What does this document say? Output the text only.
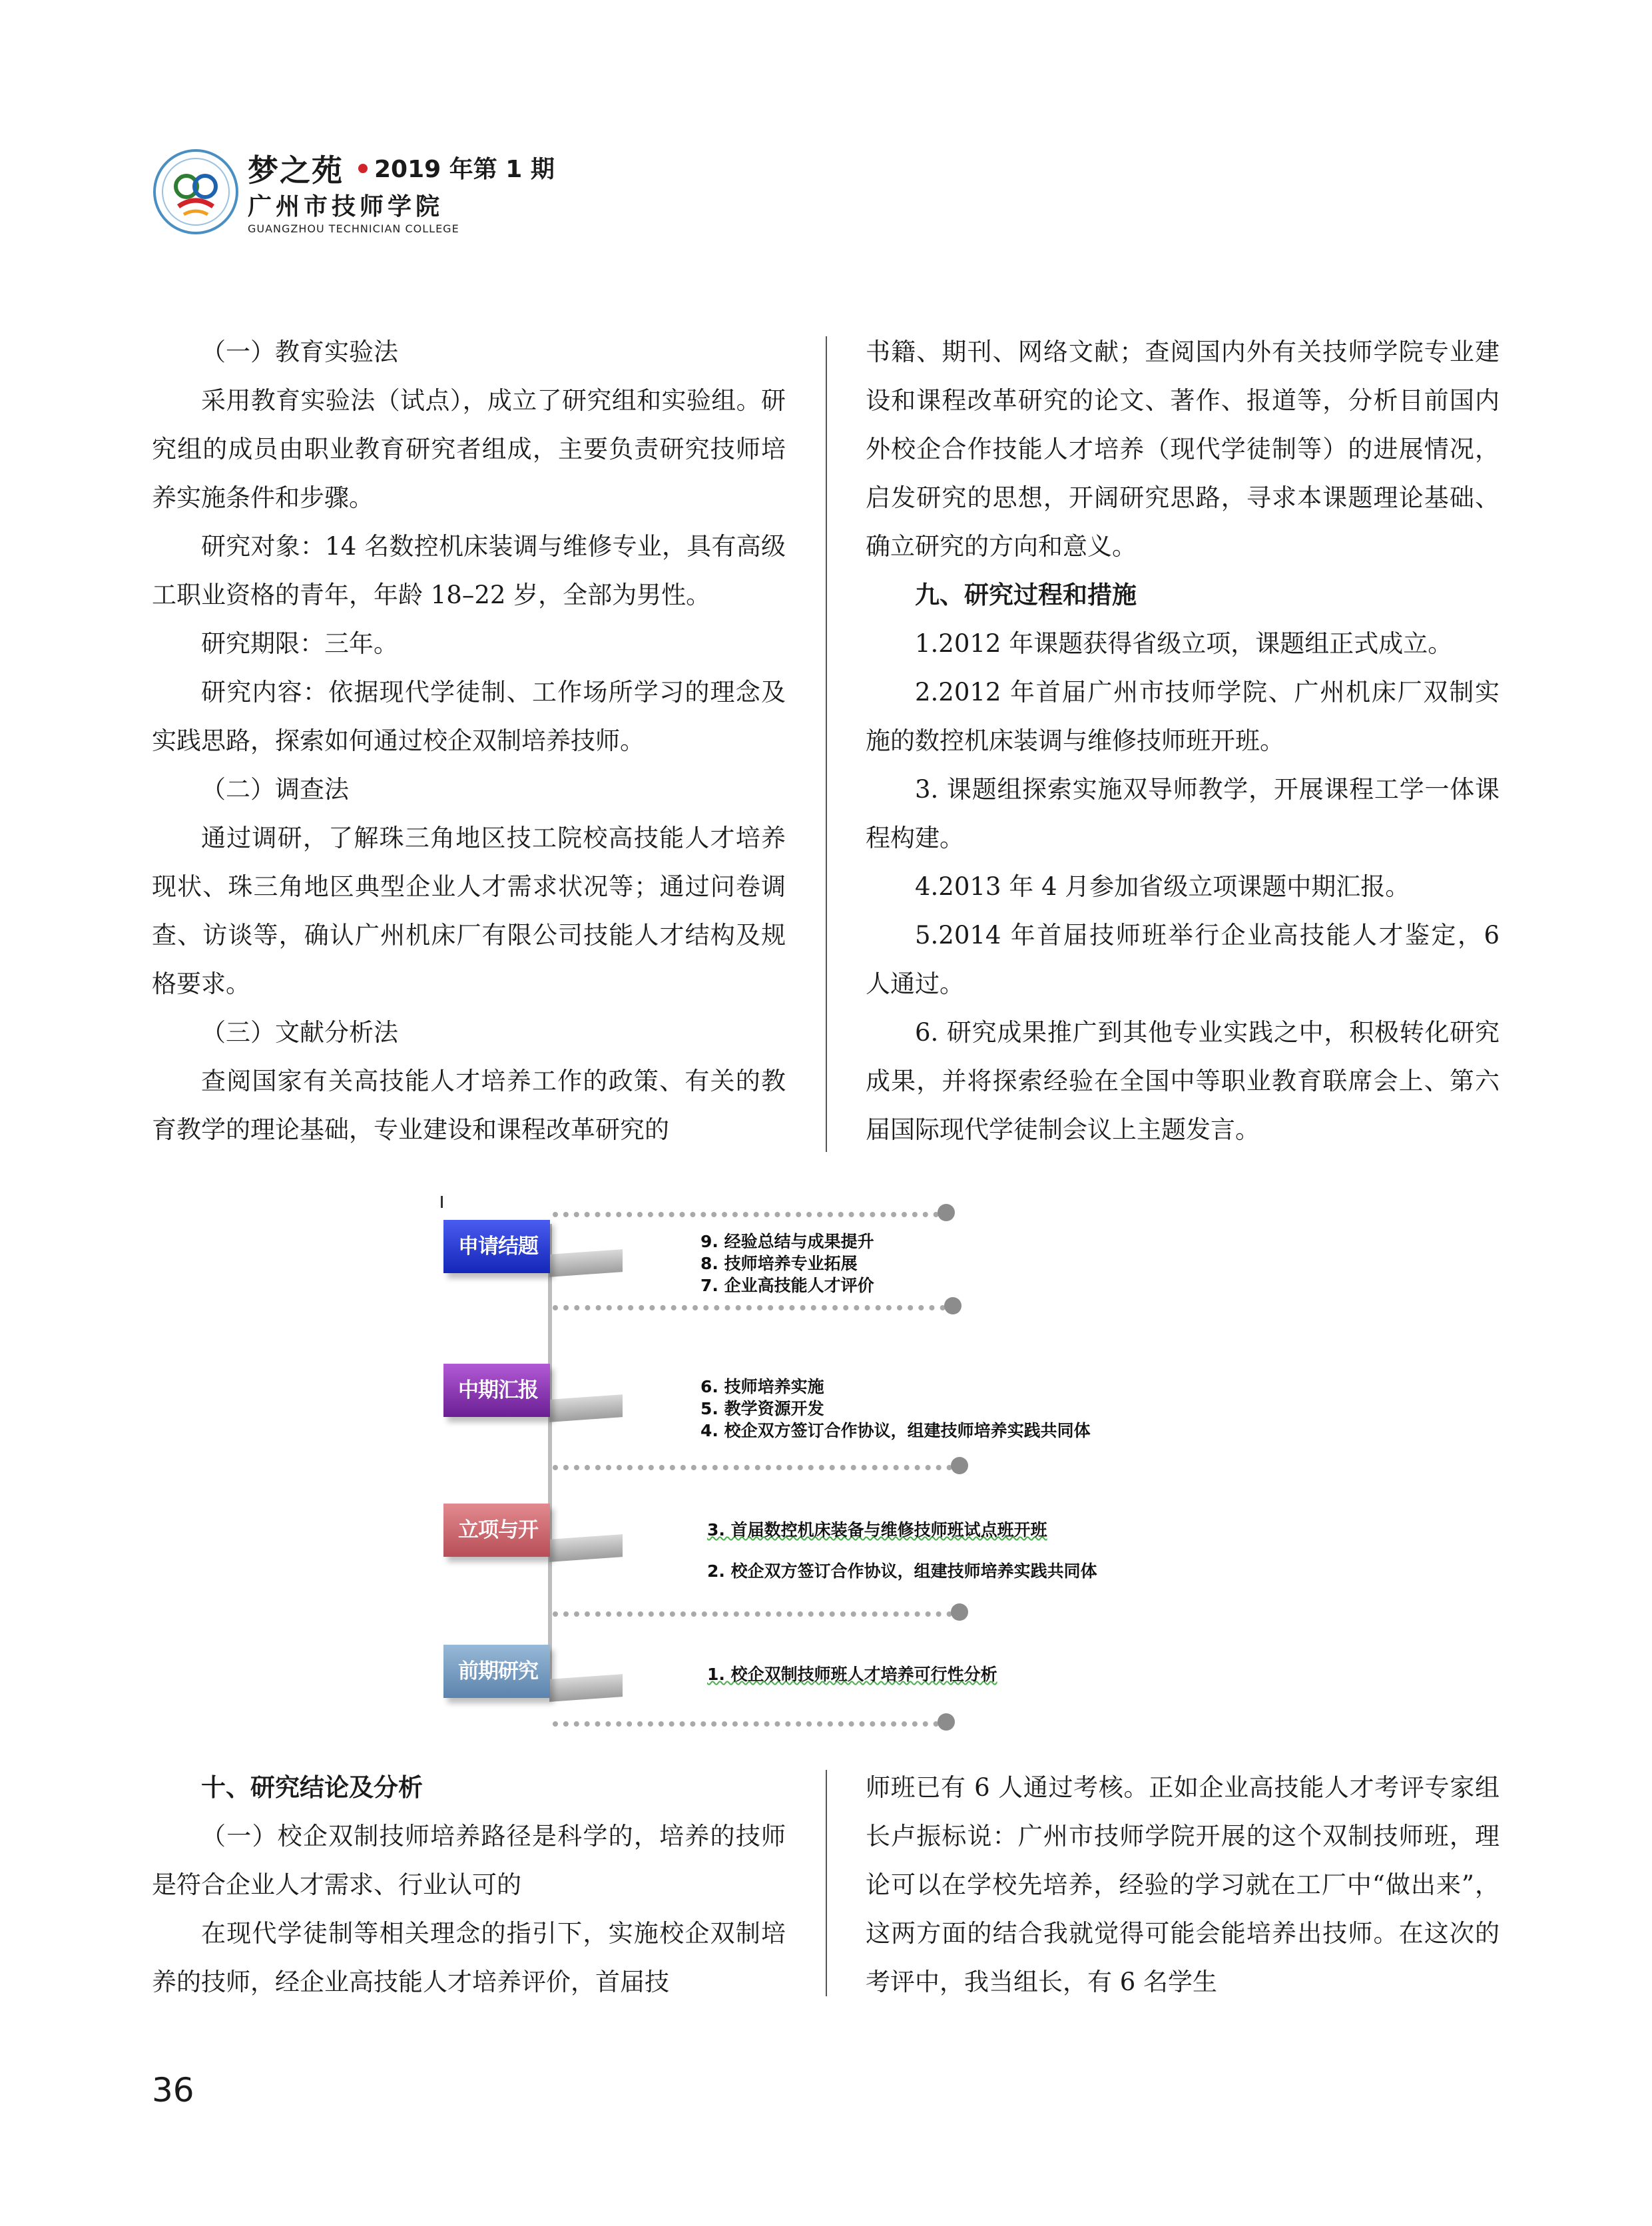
梦之苑 2019 年第 1 期
广州市技师学院
GUANGZHOU TECHNICIAN COLLEGE

（一）教育实验法

采用教育实验法（试点），成立了研究组和实验组。研究组的成员由职业教育研究者组成，主要负责研究技师培养实施条件和步骤。

研究对象：14 名数控机床装调与维修专业，具有高级工职业资格的青年，年龄 18–22 岁，全部为男性。

研究期限：三年。

研究内容：依据现代学徒制、工作场所学习的理念及实践思路，探索如何通过校企双制培养技师。

（二）调查法

通过调研，了解珠三角地区技工院校高技能人才培养现状、珠三角地区典型企业人才需求状况等；通过问卷调查、访谈等，确认广州机床厂有限公司技能人才结构及规格要求。

（三）文献分析法

查阅国家有关高技能人才培养工作的政策、有关的教育教学的理论基础，专业建设和课程改革研究的

书籍、期刊、网络文献；查阅国内外有关技师学院专业建设和课程改革研究的论文、著作、报道等，分析目前国内外校企合作技能人才培养（现代学徒制等）的进展情况，启发研究的思想，开阔研究思路，寻求本课题理论基础、确立研究的方向和意义。

九、研究过程和措施

1.2012 年课题获得省级立项，课题组正式成立。

2.2012 年首届广州市技师学院、广州机床厂双制实施的数控机床装调与维修技师班开班。

3. 课题组探索实施双导师教学，开展课程工学一体课程构建。

4.2013 年 4 月参加省级立项课题中期汇报。

5.2014 年首届技师班举行企业高技能人才鉴定，6 人通过。

6. 研究成果推广到其他专业实践之中，积极转化研究成果，并将探索经验在全国中等职业教育联席会上、第六届国际现代学徒制会议上主题发言。

申请结题
中期汇报
立项与开题
前期研究基础
9. 经验总结与成果提升
8. 技师培养专业拓展
7. 企业高技能人才评价
6. 技师培养实施
5. 教学资源开发
4. 校企双方签订合作协议，组建技师培养实践共同体
3. 首届数控机床装备与维修技师班试点班开班
2. 校企双方签订合作协议，组建技师培养实践共同体
1. 校企双制技师班人才培养可行性分析

十、研究结论及分析

（一）校企双制技师培养路径是科学的，培养的技师是符合企业人才需求、行业认可的

在现代学徒制等相关理念的指引下，实施校企双制培养的技师，经企业高技能人才培养评价，首届技

师班已有 6 人通过考核。正如企业高技能人才考评专家组长卢振标说：广州市技师学院开展的这个双制技师班，理论可以在学校先培养，经验的学习就在工厂中“做出来”，这两方面的结合我就觉得可能会能培养出技师。在这次的考评中，我当组长，有 6 名学生

36
